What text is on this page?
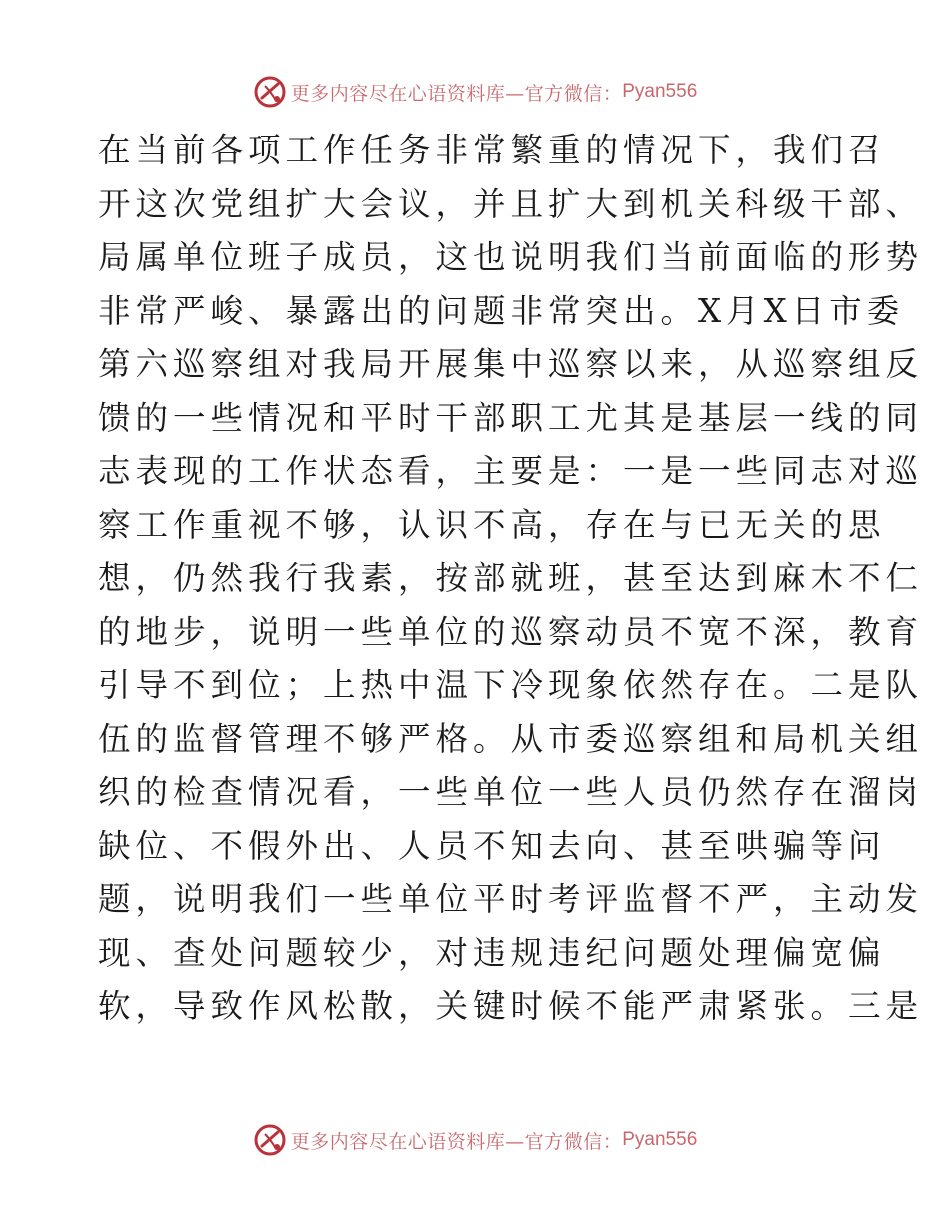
更多内容尽在心语资料库—官方微信： Pyan556
在当前各项工作任务非常繁重的情况下，我们召
开这次党组扩大会议，并且扩大到机关科级干部、
局属单位班子成员，这也说明我们当前面临的形势
非常严峻、暴露出的问题非常突出。X月X日市委
第六巡察组对我局开展集中巡察以来，从巡察组反
馈的一些情况和平时干部职工尤其是基层一线的同
志表现的工作状态看，主要是：一是一些同志对巡
察工作重视不够，认识不高，存在与已无关的思
想，仍然我行我素，按部就班，甚至达到麻木不仁
的地步，说明一些单位的巡察动员不宽不深，教育
引导不到位；上热中温下冷现象依然存在。二是队
伍的监督管理不够严格。从市委巡察组和局机关组
织的检查情况看，一些单位一些人员仍然存在溜岗
缺位、不假外出、人员不知去向、甚至哄骗等问
题，说明我们一些单位平时考评监督不严，主动发
现、查处问题较少，对违规违纪问题处理偏宽偏
软，导致作风松散，关键时候不能严肃紧张。三是
更多内容尽在心语资料库—官方微信： Pyan556
